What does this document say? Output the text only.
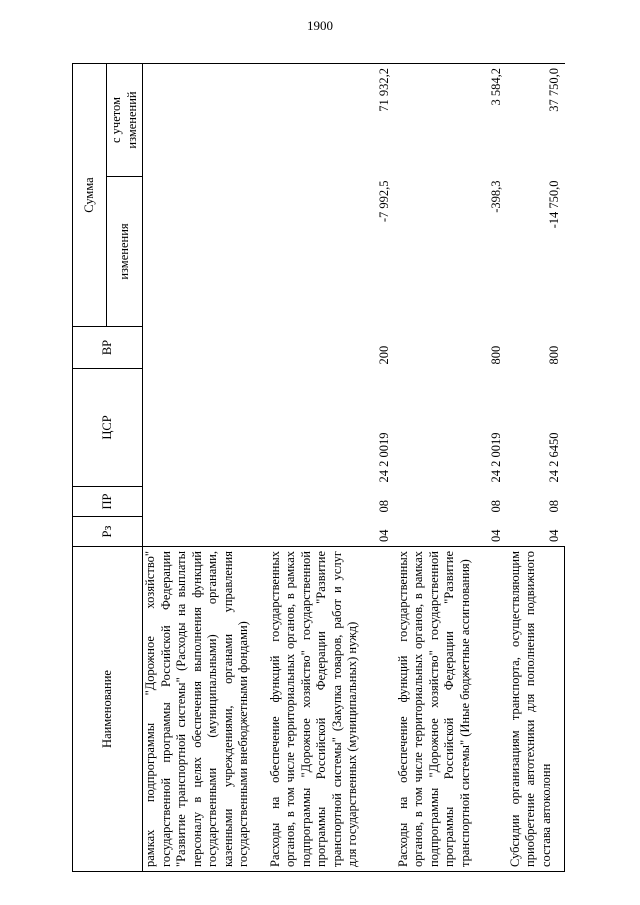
1900
Наименование	Рз	ПР	ЦСР	ВР	Сумма	
					изменения	с учетом изменений
рамках подпрограммы "Дорожное хозяйство" государственной программы Российской Федерации "Развитие транспортной системы" (Расходы на выплаты персоналу в целях обеспечения выполнения функций государственными (муниципальными) органами, казенными учреждениями, органами управления государственными внебюджетными фондами)						
Расходы на обеспечение функций государственных органов, в том числе территориальных органов, в рамках подпрограммы "Дорожное хозяйство" государственной программы Российской Федерации "Развитие транспортной системы" (Закупка товаров, работ и услуг для государственных (муниципальных) нужд)	04	08	24 2 0019	200	-7 992,5	71 932,2
Расходы на обеспечение функций государственных органов, в том числе территориальных органов, в рамках подпрограммы "Дорожное хозяйство" государственной программы Российской Федерации "Развитие транспортной системы" (Иные бюджетные ассигнования)	04	08	24 2 0019	800	-398,3	3 584,2
Субсидии организациям транспорта, осуществляющим приобретение автотехники для пополнения подвижного состава автоколонн	04	08	24 2 6450	800	-14 750,0	37 750,0
